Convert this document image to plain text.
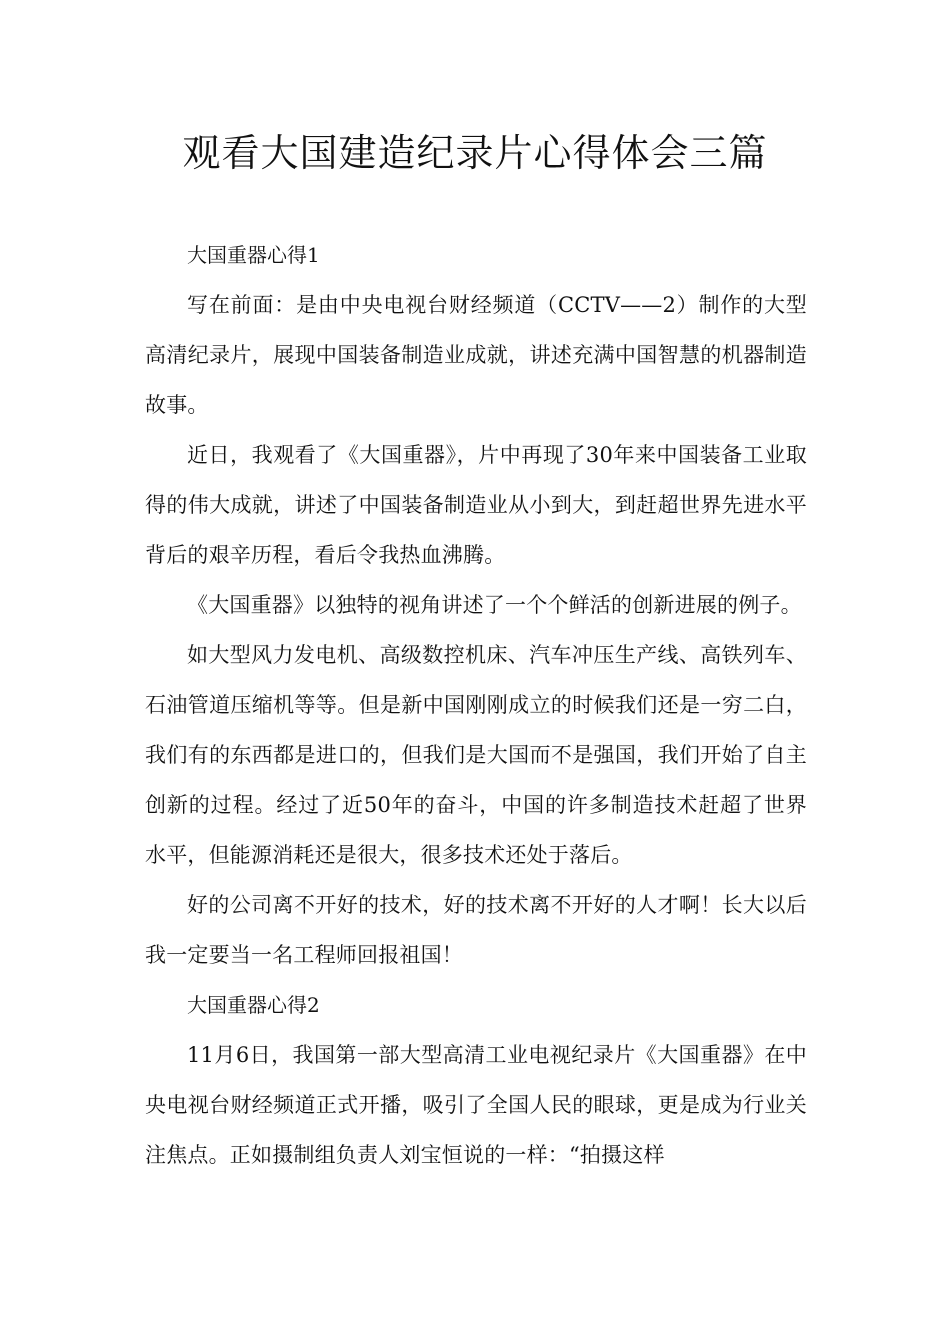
观看大国建造纪录片心得体会三篇

大国重器心得1

写在前面：是由中央电视台财经频道（CCTV——2）制作的大型高清纪录片，展现中国装备制造业成就，讲述充满中国智慧的机器制造故事。

近日，我观看了《大国重器》，片中再现了30年来中国装备工业取得的伟大成就，讲述了中国装备制造业从小到大，到赶超世界先进水平背后的艰辛历程，看后令我热血沸腾。

《大国重器》以独特的视角讲述了一个个鲜活的创新进展的例子。

如大型风力发电机、高级数控机床、汽车冲压生产线、高铁列车、石油管道压缩机等等。但是新中国刚刚成立的时候我们还是一穷二白，我们有的东西都是进口的，但我们是大国而不是强国，我们开始了自主创新的过程。经过了近50年的奋斗，中国的许多制造技术赶超了世界水平，但能源消耗还是很大，很多技术还处于落后。

好的公司离不开好的技术，好的技术离不开好的人才啊！长大以后我一定要当一名工程师回报祖国！

大国重器心得2

11月6日，我国第一部大型高清工业电视纪录片《大国重器》在中央电视台财经频道正式开播，吸引了全国人民的眼球，更是成为行业关注焦点。正如摄制组负责人刘宝恒说的一样：“拍摄这样
